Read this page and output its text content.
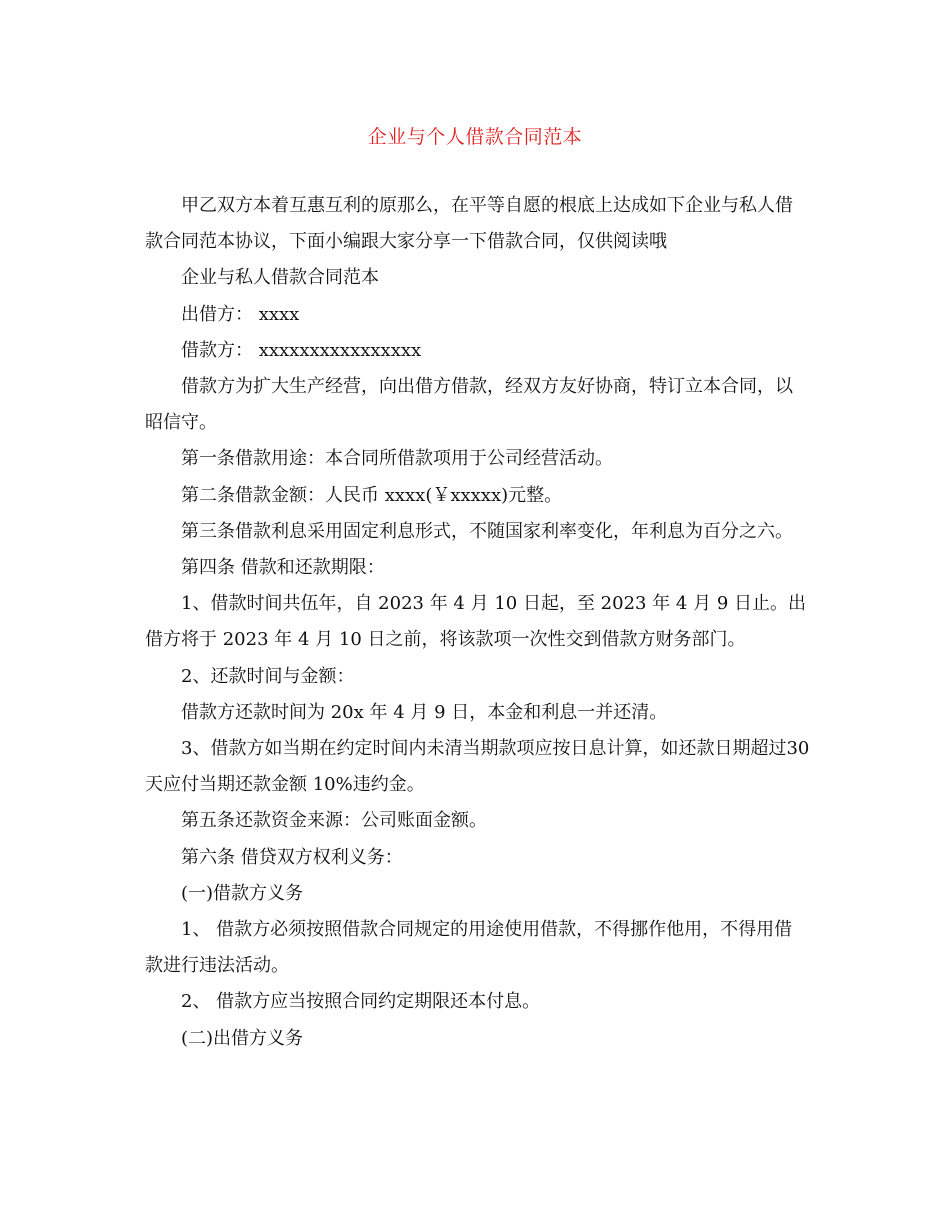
企业与个人借款合同范本

甲乙双方本着互惠互利的原那么，在平等自愿的根底上达成如下企业与私人借款合同范本协议，下面小编跟大家分享一下借款合同，仅供阅读哦

企业与私人借款合同范本

出借方： xxxx

借款方： xxxxxxxxxxxxxxxx

借款方为扩大生产经营，向出借方借款，经双方友好协商，特订立本合同，以昭信守。

第一条借款用途：本合同所借款项用于公司经营活动。

第二条借款金额：人民币 xxxx(￥xxxxx)元整。

第三条借款利息采用固定利息形式，不随国家利率变化，年利息为百分之六。

第四条 借款和还款期限：

1、借款时间共伍年，自 2023 年 4 月 10 日起，至 2023 年 4 月 9 日止。出借方将于 2023 年 4 月 10 日之前，将该款项一次性交到借款方财务部门。

2、还款时间与金额：

借款方还款时间为 20x 年 4 月 9 日，本金和利息一并还清。

3、借款方如当期在约定时间内未清当期款项应按日息计算，如还款日期超过30 天应付当期还款金额 10%违约金。

第五条还款资金来源：公司账面金额。

第六条 借贷双方权利义务：

(一)借款方义务

1、 借款方必须按照借款合同规定的用途使用借款，不得挪作他用，不得用借款进行违法活动。

2、 借款方应当按照合同约定期限还本付息。

(二)出借方义务
